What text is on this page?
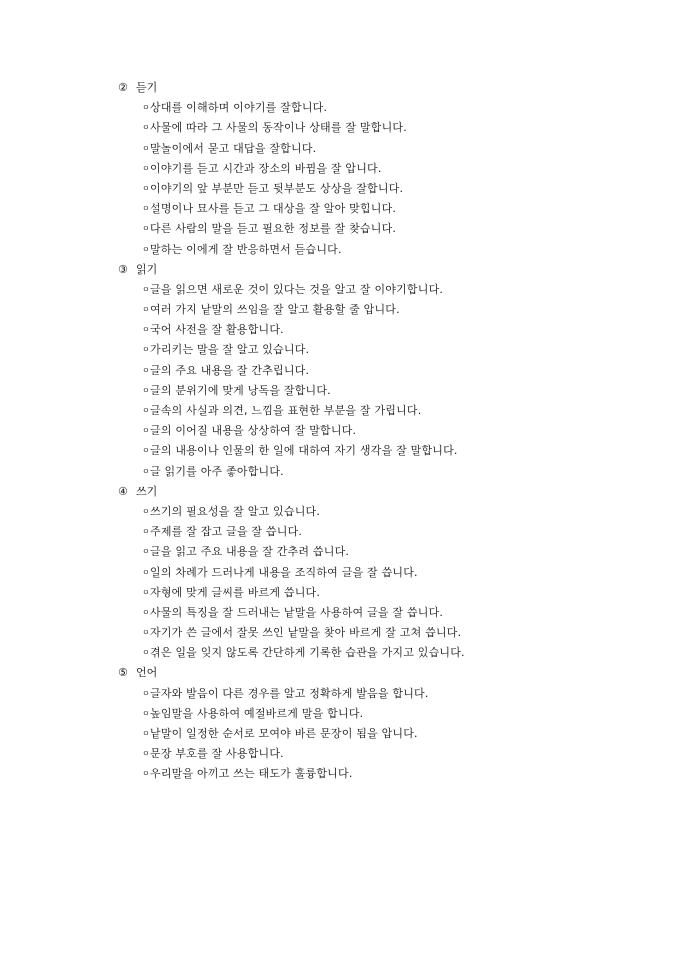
② 듣기
ㅇ상대를 이해하며 이야기를 잘합니다.
ㅇ사물에 따라 그 사물의 동작이나 상태를 잘 말합니다.
ㅇ말놀이에서 묻고 대답을 잘합니다.
ㅇ이야기를 듣고 시간과 장소의 바뀜을 잘 압니다.
ㅇ이야기의 앞 부분만 듣고 뒷부분도 상상을 잘합니다.
ㅇ설명이나 묘사를 듣고 그 대상을 잘 알아 맞힙니다.
ㅇ다른 사람의 말을 듣고 필요한 정보를 잘 찾습니다.
ㅇ말하는 이에게 잘 반응하면서 듣습니다.
③ 읽기
ㅇ글을 읽으면 새로운 것이 있다는 것을 알고 잘 이야기합니다.
ㅇ여러 가지 낱말의 쓰임을 잘 알고 활용할 줄 압니다.
ㅇ국어 사전을 잘 활용합니다.
ㅇ가리키는 말을 잘 알고 있습니다.
ㅇ글의 주요 내용을 잘 간추립니다.
ㅇ글의 분위기에 맞게 낭독을 잘합니다.
ㅇ글속의 사실과 의견, 느낌을 표현한 부분을 잘 가립니다.
ㅇ글의 이어질 내용을 상상하여 잘 말합니다.
ㅇ글의 내용이나 인물의 한 일에 대하여 자기 생각을 잘 말합니다.
ㅇ글 읽기를 아주 좋아합니다.
④ 쓰기
ㅇ쓰기의 필요성을 잘 알고 있습니다.
ㅇ주제를 잘 잡고 글을 잘 씁니다.
ㅇ글을 읽고 주요 내용을 잘 간추려 씁니다.
ㅇ일의 차례가 드러나게 내용을 조직하여 글을 잘 씁니다.
ㅇ자형에 맞게 글씨를 바르게 씁니다.
ㅇ사물의 특징을 잘 드러내는 낱말을 사용하여 글을 잘 씁니다.
ㅇ자기가 쓴 글에서 잘못 쓰인 낱말을 찾아 바르게 잘 고쳐 씁니다.
ㅇ겪은 일을 잊지 않도록 간단하게 기록한 습관을 가지고 있습니다.
⑤ 언어
ㅇ글자와 발음이 다른 경우를 알고 정확하게 발음을 합니다.
ㅇ높임말을 사용하여 예절바르게 말을 합니다.
ㅇ낱말이 일정한 순서로 모여야 바른 문장이 됨을 압니다.
ㅇ문장 부호를 잘 사용합니다.
ㅇ우리말을 아끼고 쓰는 태도가 훌륭합니다.
